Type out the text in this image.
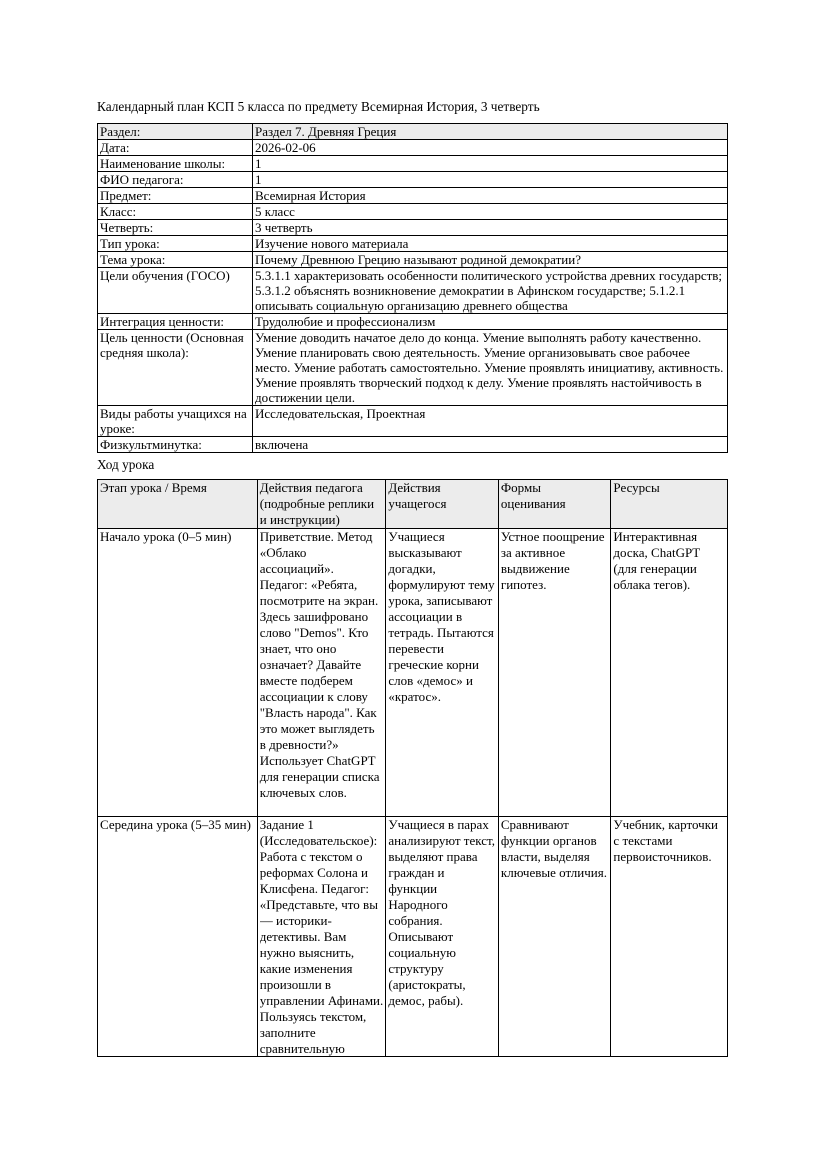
Календарный план КСП 5 класса по предмету Всемирная История, 3 четверть

Раздел:	Раздел 7. Древняя Греция
Дата:	2026-02-06
Наименование школы:	1
ФИО педагога:	1
Предмет:	Всемирная История
Класс:	5 класс
Четверть:	3 четверть
Тип урока:	Изучение нового материала
Тема урока:	Почему Древнюю Грецию называют родиной демократии?
Цели обучения (ГОСО)	5.3.1.1 характеризовать особенности политического устройства древних государств; 5.3.1.2 объяснять возникновение демократии в Афинском государстве; 5.1.2.1 описывать социальную организацию древнего общества
Интеграция ценности:	Трудолюбие и профессионализм
Цель ценности (Основная средняя школа):	Умение доводить начатое дело до конца. Умение выполнять работу качественно. Умение планировать свою деятельность. Умение организовывать свое рабочее место. Умение работать самостоятельно. Умение проявлять инициативу, активность. Умение проявлять творческий подход к делу. Умение проявлять настойчивость в достижении цели.
Виды работы учащихся на уроке:	Исследовательская, Проектная
Физкультминутка:	включена

Ход урока

Этап урока / Время	Действия педагога (подробные реплики и инструкции)	Действия учащегося	Формы оценивания	Ресурсы

Начало урока (0–5 мин)	Приветствие. Метод «Облако ассоциаций». Педагог: «Ребята, посмотрите на экран. Здесь зашифровано слово "Demos". Кто знает, что оно означает? Давайте вместе подберем ассоциации к слову "Власть народа". Как это может выглядеть в древности?» Использует ChatGPT для генерации списка ключевых слов.	Учащиеся высказывают догадки, формулируют тему урока, записывают ассоциации в тетрадь. Пытаются перевести греческие корни слов «демос» и «кратос».	Устное поощрение за активное выдвижение гипотез.	Интерактивная доска, ChatGPT (для генерации облака тегов).

Середина урока (5–35 мин)	Задание 1 (Исследовательское): Работа с текстом о реформах Солона и Клисфена. Педагог: «Представьте, что вы — историки-детективы. Вам нужно выяснить, какие изменения произошли в управлении Афинами. Пользуясь текстом, заполните сравнительную	Учащиеся в парах анализируют текст, выделяют права граждан и функции Народного собрания. Описывают социальную структуру (аристократы, демос, рабы).	Сравнивают функции органов власти, выделяя ключевые отличия.	Учебник, карточки с текстами первоисточников.
